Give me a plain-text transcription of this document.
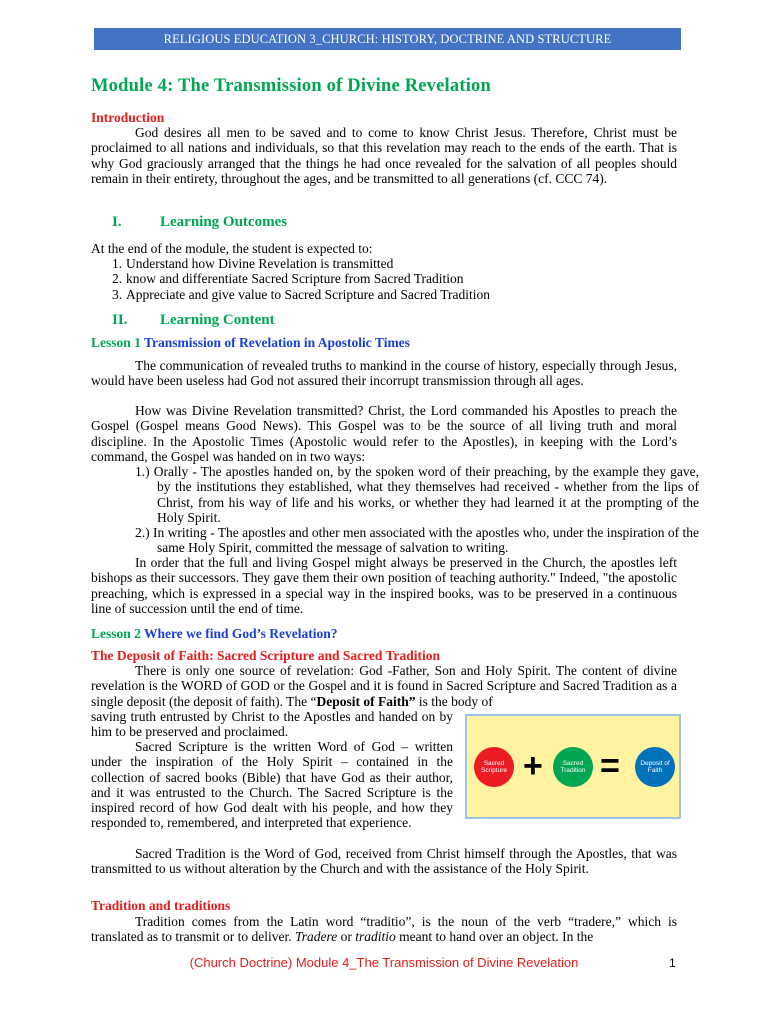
RELIGIOUS EDUCATION 3_CHURCH: HISTORY, DOCTRINE AND STRUCTURE
Module 4: The Transmission of Divine Revelation
Introduction

God desires all men to be saved and to come to know Christ Jesus. Therefore, Christ must be proclaimed to all nations and individuals, so that this revelation may reach to the ends of the earth. That is why God graciously arranged that the things he had once revealed for the salvation of all peoples should remain in their entirety, throughout the ages, and be transmitted to all generations (cf. CCC 74).

I.	Learning Outcomes

At the end of the module, the student is expected to:

1. Understand how Divine Revelation is transmitted
2. know and differentiate Sacred Scripture from Sacred Tradition
3. Appreciate and give value to Sacred Scripture and Sacred Tradition
II. Learning Content
Lesson 1 Transmission of Revelation in Apostolic Times

The communication of revealed truths to mankind in the course of history, especially through Jesus, would have been useless had God not assured their incorrupt transmission through all ages.

How was Divine Revelation transmitted? Christ, the Lord commanded his Apostles to preach the Gospel (Gospel means Good News). This Gospel was to be the source of all living truth and moral discipline. In the Apostolic Times (Apostolic would refer to the Apostles), in keeping with the Lord’s command, the Gospel was handed on in two ways:

1.) Orally - The apostles handed on, by the spoken word of their preaching, by the example they gave, by the institutions they established, what they themselves had received - whether from the lips of Christ, from his way of life and his works, or whether they had learned it at the prompting of the Holy Spirit.

2.) In writing - The apostles and other men associated with the apostles who, under the inspiration of the same Holy Spirit, committed the message of salvation to writing.

In order that the full and living Gospel might always be preserved in the Church, the apostles left bishops as their successors. They gave them their own position of teaching authority." Indeed, "the apostolic preaching, which is expressed in a special way in the inspired books, was to be preserved in a continuous line of succession until the end of time.

Lesson 2 Where we find God’s Revelation?
The Deposit of Faith: Sacred Scripture and Sacred Tradition

There is only one source of revelation: God -Father, Son and Holy Spirit. The content of divine revelation is the WORD of GOD or the Gospel and it is found in Sacred Scripture and Sacred Tradition as a single deposit (the deposit of faith). The “Deposit of Faith” is the body of

saving truth entrusted by Christ to the Apostles and handed on by him to be preserved and proclaimed.

Sacred Scripture is the written Word of God – written under the inspiration of the Holy Spirit – contained in the collection of sacred books (Bible) that have God as their author, and it was entrusted to the Church. The Sacred Scripture is the inspired record of how God dealt with his people, and how they responded to, remembered, and interpreted that experience.

Sacred Scripture +	Sacred Tradition =	Deposit of Faith

Sacred Tradition is the Word of God, received from Christ himself through the Apostles, that was transmitted to us without alteration by the Church and with the assistance of the Holy Spirit.

Tradition and traditions

Tradition comes from the Latin word “traditio”, is the noun of the verb “tradere,” which is translated as to transmit or to deliver. Tradere or traditio meant to hand over an object. In the

(Church Doctrine) Module 4_The Transmission of Divine Revelation	1
